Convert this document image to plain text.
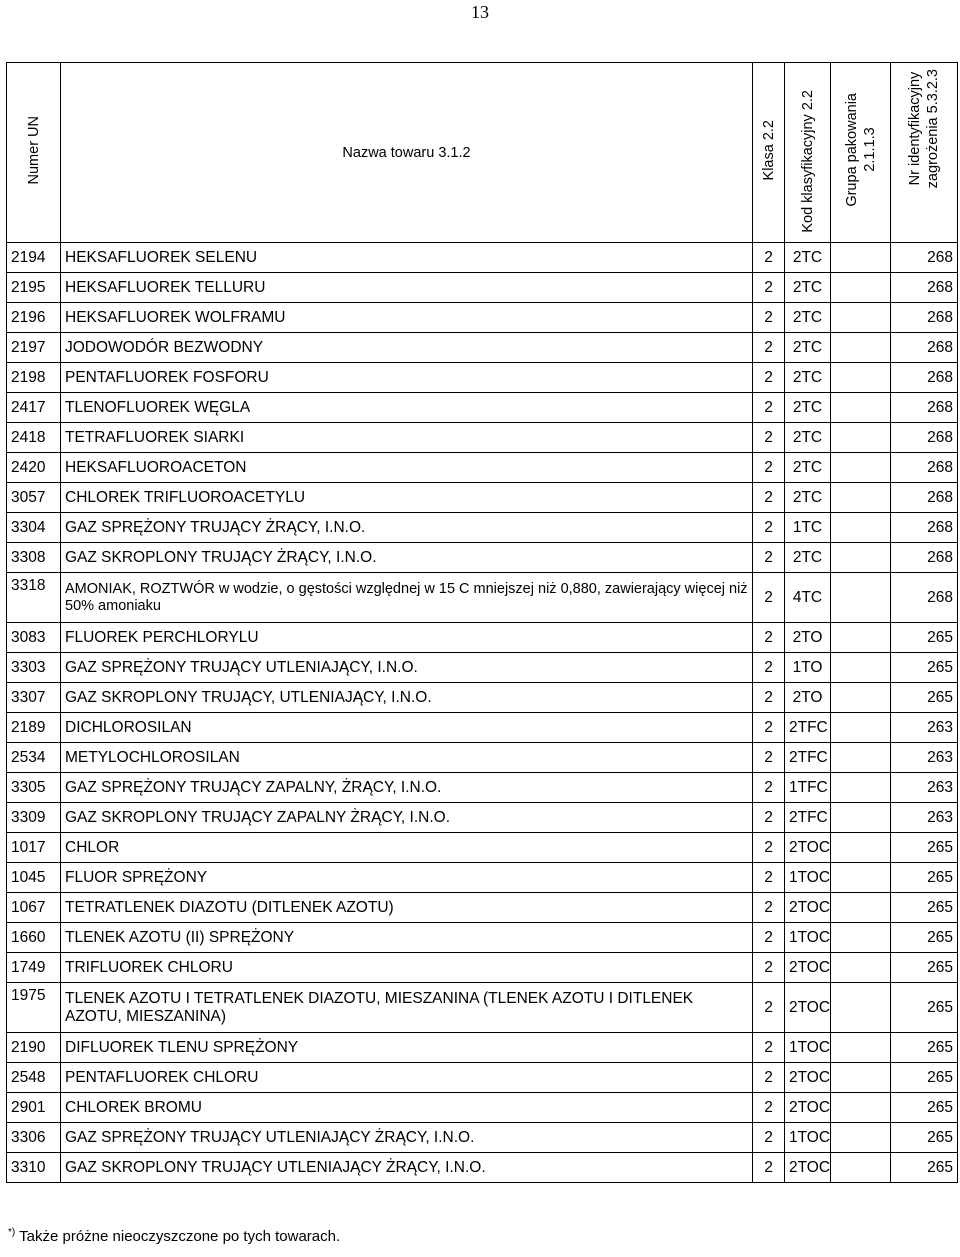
13
Numer UN	Nazwa towaru 3.1.2	Klasa 2.2	Kod klasyfikacyjny 2.2	Grupa pakowania 2.1.1.3	Nr identyfikacyjny zagrożenia 5.3.2.3
2194	HEKSAFLUOREK SELENU	2	2TC		268
2195	HEKSAFLUOREK TELLURU	2	2TC		268
2196	HEKSAFLUOREK WOLFRAMU	2	2TC		268
2197	JODOWODÓR BEZWODNY	2	2TC		268
2198	PENTAFLUOREK FOSFORU	2	2TC		268
2417	TLENOFLUOREK WĘGLA	2	2TC		268
2418	TETRAFLUOREK SIARKI	2	2TC		268
2420	HEKSAFLUOROACETON	2	2TC		268
3057	CHLOREK TRIFLUOROACETYLU	2	2TC		268
3304	GAZ SPRĘŻONY TRUJĄCY ŻRĄCY, I.N.O.	2	1TC		268
3308	GAZ SKROPLONY TRUJĄCY ŻRĄCY, I.N.O.	2	2TC		268
3318	AMONIAK, ROZTWÓR w wodzie, o gęstości względnej w 15 C mniejszej niż 0,880, zawierający więcej niż 50% amoniaku	2	4TC		268
3083	FLUOREK PERCHLORYLU	2	2TO		265
3303	GAZ SPRĘŻONY TRUJĄCY UTLENIAJĄCY, I.N.O.	2	1TO		265
3307	GAZ SKROPLONY TRUJĄCY, UTLENIAJĄCY, I.N.O.	2	2TO		265
2189	DICHLOROSILAN	2	2TFC		263
2534	METYLOCHLOROSILAN	2	2TFC		263
3305	GAZ SPRĘŻONY TRUJĄCY ZAPALNY, ŻRĄCY, I.N.O.	2	1TFC		263
3309	GAZ SKROPLONY TRUJĄCY ZAPALNY ŻRĄCY, I.N.O.	2	2TFC		263
1017	CHLOR	2	2TOC		265
1045	FLUOR SPRĘŻONY	2	1TOC		265
1067	TETRATLENEK DIAZOTU (DITLENEK AZOTU)	2	2TOC		265
1660	TLENEK AZOTU (II) SPRĘŻONY	2	1TOC		265
1749	TRIFLUOREK CHLORU	2	2TOC		265
1975	TLENEK AZOTU I TETRATLENEK DIAZOTU, MIESZANINA (TLENEK AZOTU I DITLENEK AZOTU, MIESZANINA)	2	2TOC		265
2190	DIFLUOREK TLENU SPRĘŻONY	2	1TOC		265
2548	PENTAFLUOREK CHLORU	2	2TOC		265
2901	CHLOREK BROMU	2	2TOC		265
3306	GAZ SPRĘŻONY TRUJĄCY UTLENIAJĄCY ŻRĄCY, I.N.O.	2	1TOC		265
3310	GAZ SKROPLONY TRUJĄCY UTLENIAJĄCY ŻRĄCY, I.N.O.	2	2TOC		265
*) Także próżne nieoczyszczone po tych towarach.
